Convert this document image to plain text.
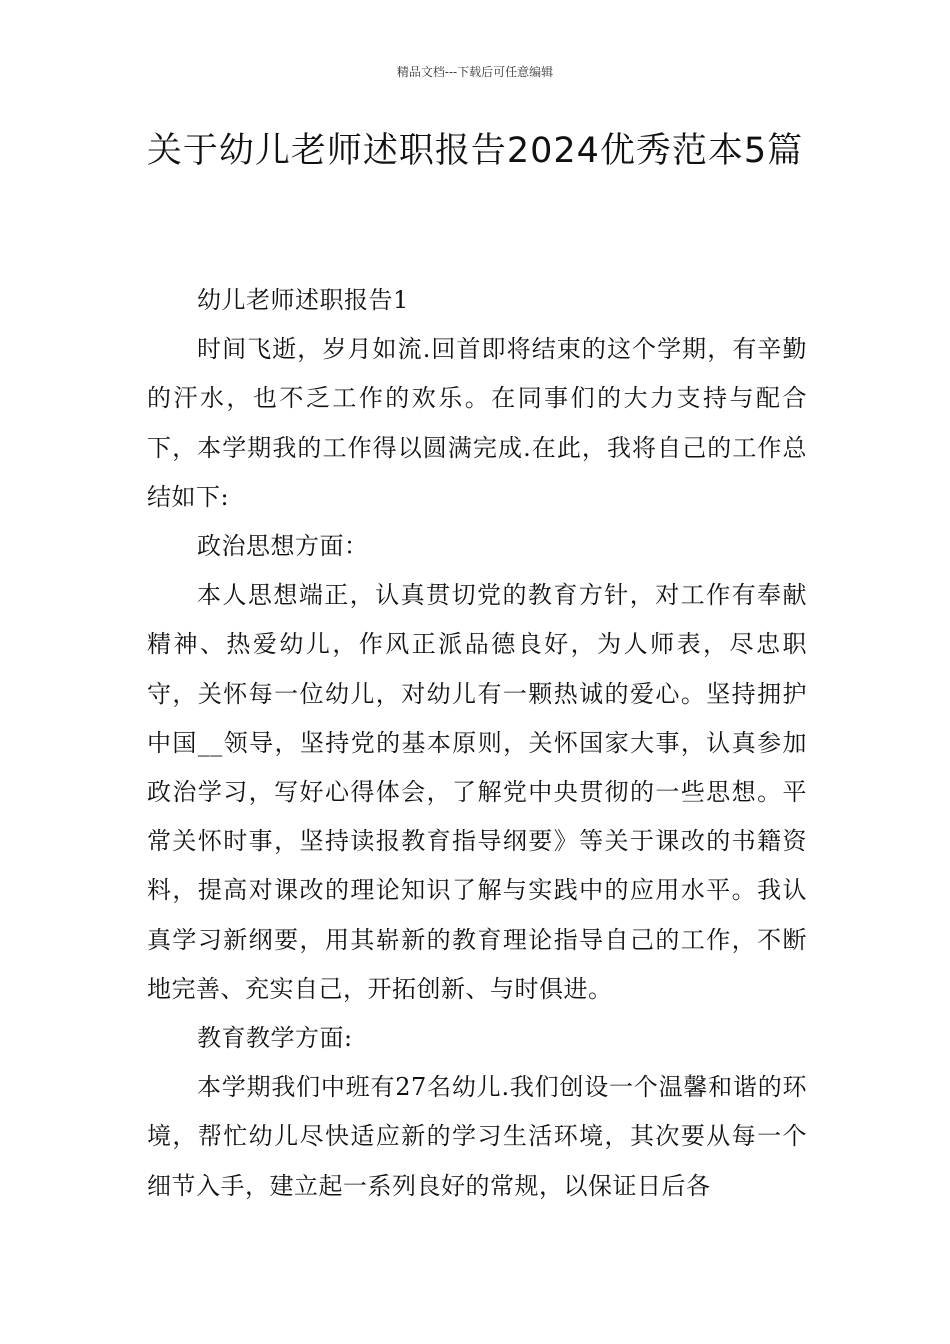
精品文档---下载后可任意编辑
关于幼儿老师述职报告2024优秀范本5篇

幼儿老师述职报告1

时间飞逝，岁月如流.回首即将结束的这个学期，有辛勤的汗水，也不乏工作的欢乐。在同事们的大力支持与配合下，本学期我的工作得以圆满完成.在此，我将自己的工作总结如下:

政治思想方面：

本人思想端正，认真贯切党的教育方针，对工作有奉献精神、热爱幼儿，作风正派品德良好，为人师表，尽忠职守，关怀每一位幼儿，对幼儿有一颗热诚的爱心。坚持拥护中国__领导，坚持党的基本原则，关怀国家大事，认真参加政治学习，写好心得体会，了解党中央贯彻的一些思想。平常关怀时事，坚持读报教育指导纲要》等关于课改的书籍资料，提高对课改的理论知识了解与实践中的应用水平。我认真学习新纲要，用其崭新的教育理论指导自己的工作，不断地完善、充实自己，开拓创新、与时俱进。

教育教学方面:

本学期我们中班有27名幼儿.我们创设一个温馨和谐的环境，帮忙幼儿尽快适应新的学习生活环境，其次要从每一个细节入手，建立起一系列良好的常规，以保证日后各
